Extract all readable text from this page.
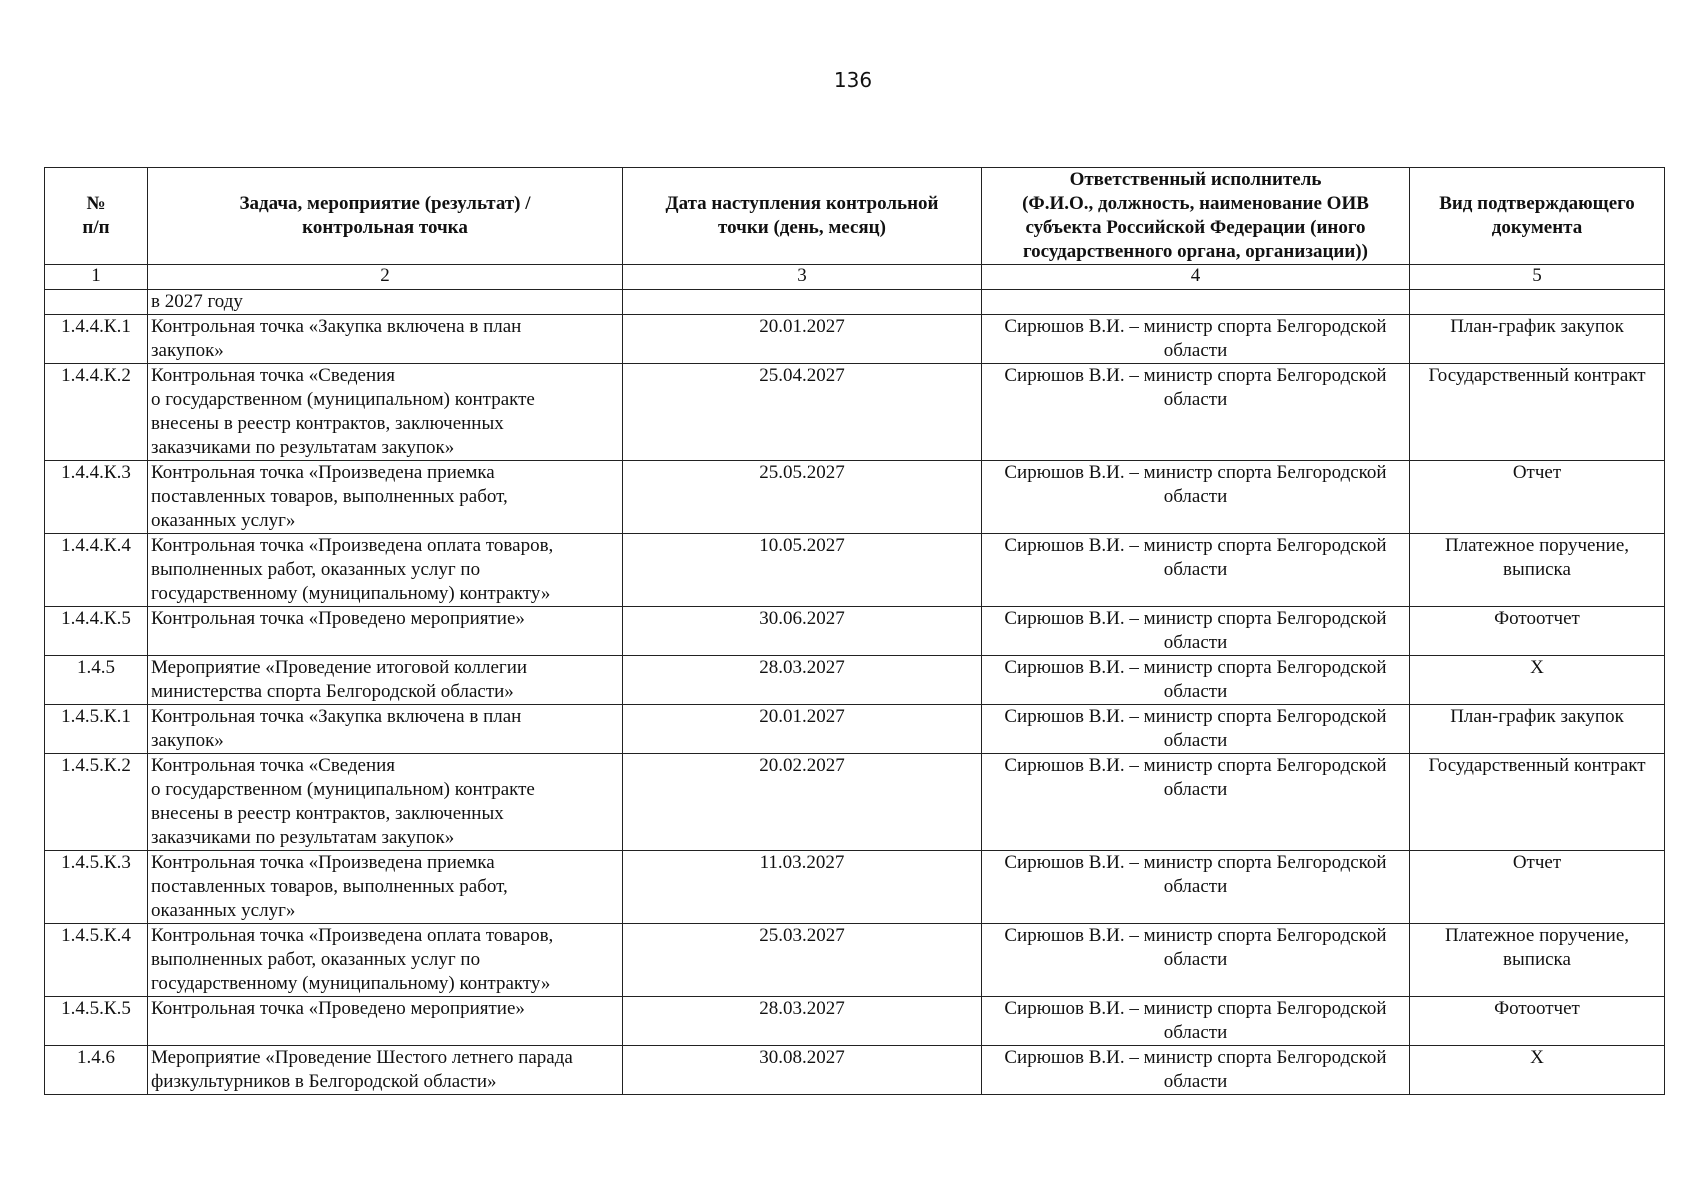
136
№
п/п	Задача, мероприятие (результат) /
контрольная точка	Дата наступления контрольной
точки (день, месяц)	Ответственный исполнитель
(Ф.И.О., должность, наименование ОИВ
субъекта Российской Федерации (иного
государственного органа, организации))	Вид подтверждающего
документа

1	2	3	4	5

	в 2027 году			

1.4.4.К.1	Контрольная точка «Закупка включена в план
закупок»	20.01.2027	Сирюшов В.И. – министр спорта Белгородской
области	План-график закупок

1.4.4.К.2	Контрольная точка «Сведения
о государственном (муниципальном) контракте
внесены в реестр контрактов, заключенных
заказчиками по результатам закупок»	25.04.2027	Сирюшов В.И. – министр спорта Белгородской
области	Государственный контракт

1.4.4.К.3	Контрольная точка «Произведена приемка
поставленных товаров, выполненных работ,
оказанных услуг»	25.05.2027	Сирюшов В.И. – министр спорта Белгородской
области	Отчет

1.4.4.К.4	Контрольная точка «Произведена оплата товаров,
выполненных работ, оказанных услуг по
государственному (муниципальному) контракту»	10.05.2027	Сирюшов В.И. – министр спорта Белгородской
области	Платежное поручение,
выписка

1.4.4.К.5	Контрольная точка «Проведено мероприятие»	30.06.2027	Сирюшов В.И. – министр спорта Белгородской
области	Фотоотчет

1.4.5	Мероприятие «Проведение итоговой коллегии
министерства спорта Белгородской области»	28.03.2027	Сирюшов В.И. – министр спорта Белгородской
области	Х

1.4.5.К.1	Контрольная точка «Закупка включена в план
закупок»	20.01.2027	Сирюшов В.И. – министр спорта Белгородской
области	План-график закупок

1.4.5.К.2	Контрольная точка «Сведения
о государственном (муниципальном) контракте
внесены в реестр контрактов, заключенных
заказчиками по результатам закупок»	20.02.2027	Сирюшов В.И. – министр спорта Белгородской
области	Государственный контракт

1.4.5.К.3	Контрольная точка «Произведена приемка
поставленных товаров, выполненных работ,
оказанных услуг»	11.03.2027	Сирюшов В.И. – министр спорта Белгородской
области	Отчет

1.4.5.К.4	Контрольная точка «Произведена оплата товаров,
выполненных работ, оказанных услуг по
государственному (муниципальному) контракту»	25.03.2027	Сирюшов В.И. – министр спорта Белгородской
области	Платежное поручение,
выписка

1.4.5.К.5	Контрольная точка «Проведено мероприятие»	28.03.2027	Сирюшов В.И. – министр спорта Белгородской
области	Фотоотчет

1.4.6	Мероприятие «Проведение Шестого летнего парада
физкультурников в Белгородской области»	30.08.2027	Сирюшов В.И. – министр спорта Белгородской
области	Х
